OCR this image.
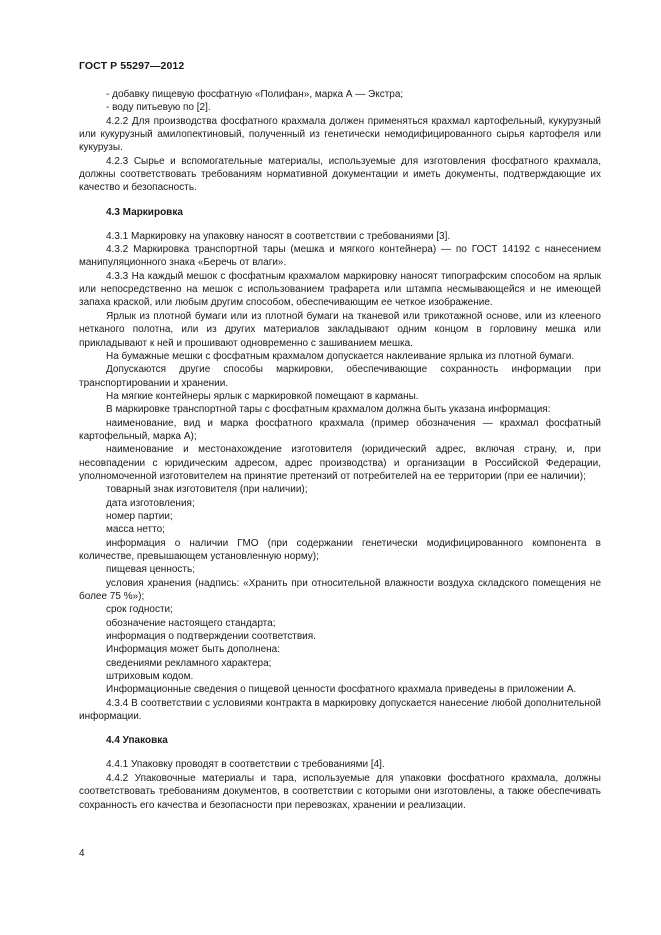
ГОСТ Р 55297—2012

- добавку пищевую фосфатную «Полифан», марка А — Экстра;

- воду питьевую по [2].

4.2.2 Для производства фосфатного крахмала должен применяться крахмал картофельный, кукурузный или кукурузный амилопектиновый, полученный из генетически немодифицированного сырья картофеля или кукурузы.

4.2.3 Сырье и вспомогательные материалы, используемые для изготовления фосфатного крахмала, должны соответствовать требованиям нормативной документации и иметь документы, подтверждающие их качество и безопасность.

4.3 Маркировка

4.3.1 Маркировку на упаковку наносят в соответствии с требованиями [3].

4.3.2 Маркировка транспортной тары (мешка и мягкого контейнера) — по ГОСТ 14192 с нанесением манипуляционного знака «Беречь от влаги».

4.3.3 На каждый мешок с фосфатным крахмалом маркировку наносят типографским способом на ярлык или непосредственно на мешок с использованием трафарета или штампа несмывающейся и не имеющей запаха краской, или любым другим способом, обеспечивающим ее четкое изображение.

Ярлык из плотной бумаги или из плотной бумаги на тканевой или трикотажной основе, или из клееного нетканого полотна, или из других материалов закладывают одним концом в горловину мешка или прикладывают к ней и прошивают одновременно с зашиванием мешка.

На бумажные мешки с фосфатным крахмалом допускается наклеивание ярлыка из плотной бумаги.

Допускаются другие способы маркировки, обеспечивающие сохранность информации при транспортировании и хранении.

На мягкие контейнеры ярлык с маркировкой помещают в карманы.

В маркировке транспортной тары с фосфатным крахмалом должна быть указана информация:

наименование, вид и марка фосфатного крахмала (пример обозначения — крахмал фосфатный картофельный, марка А);

наименование и местонахождение изготовителя (юридический адрес, включая страну, и, при несовпадении с юридическим адресом, адрес производства) и организации в Российской Федерации, уполномоченной изготовителем на принятие претензий от потребителей на ее территории (при ее наличии);

товарный знак изготовителя (при наличии);

дата изготовления;

номер партии;

масса нетто;

информация о наличии ГМО (при содержании генетически модифицированного компонента в количестве, превышающем установленную норму);

пищевая ценность;

условия хранения (надпись: «Хранить при относительной влажности воздуха складского помещения не более 75 %»);

срок годности;

обозначение настоящего стандарта;

информация о подтверждении соответствия.

Информация может быть дополнена:

сведениями рекламного характера;

штриховым кодом.

Информационные сведения о пищевой ценности фосфатного крахмала приведены в приложении А.

4.3.4 В соответствии с условиями контракта в маркировку допускается нанесение любой дополнительной информации.

4.4 Упаковка

4.4.1 Упаковку проводят в соответствии с требованиями [4].

4.4.2 Упаковочные материалы и тара, используемые для упаковки фосфатного крахмала, должны соответствовать требованиям документов, в соответствии с которыми они изготовлены, а также обеспечивать сохранность его качества и безопасности при перевозках, хранении и реализации.

4
